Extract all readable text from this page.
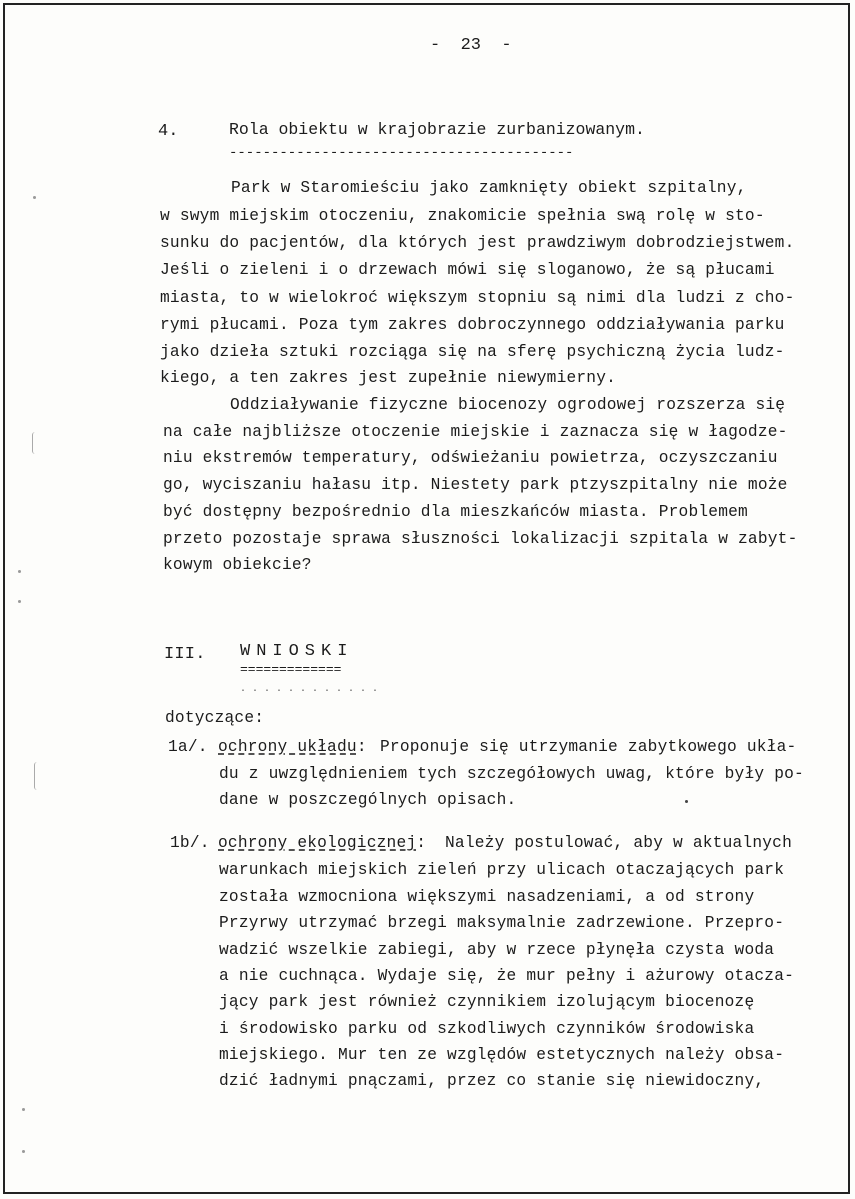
-  23  -
4.	Rola obiektu w krajobrazie zurbanizowanym.
-----------------------------------------
Park w Staromieściu jako zamknięty obiekt szpitalny,
w swym miejskim otoczeniu, znakomicie spełnia swą rolę w sto-
sunku do pacjentów, dla których jest prawdziwym dobrodziejstwem.
Jeśli o zieleni i o drzewach mówi się sloganowo, że są płucami
miasta, to w wielokroć większym stopniu są nimi dla ludzi z cho-
rymi płucami. Poza tym zakres dobroczynnego oddziaływania parku
jako dzieła sztuki rozciąga się na sferę psychiczną życia ludz-
kiego, a ten zakres jest zupełnie niewymierny.
Oddziaływanie fizyczne biocenozy ogrodowej rozszerza się
na całe najbliższe otoczenie miejskie i zaznacza się w łagodze-
niu ekstremów temperatury, odświeżaniu powietrza, oczyszczaniu
go, wyciszaniu hałasu itp. Niestety park ptzyszpitalny nie może
być dostępny bezpośrednio dla mieszkańców miasta. Problemem
przeto pozostaje sprawa słuszności lokalizacji szpitala w zabyt-
kowym obiekcie?
III. WNIOSKI
=============
. . . . . . . . . . . .
dotyczące:
1a/. ochrony układu: Proponuje się utrzymanie zabytkowego ukła-
du z uwzględnieniem tych szczegółowych uwag, które były po-
dane w poszczególnych opisach.
1b/. ochrony ekologicznej: Należy postulować, aby w aktualnych
warunkach miejskich zieleń przy ulicach otaczających park
została wzmocniona większymi nasadzeniami, a od strony
Przyrwy utrzymać brzegi maksymalnie zadrzewione. Przepro-
wadzić wszelkie zabiegi, aby w rzece płynęła czysta woda
a nie cuchnąca. Wydaje się, że mur pełny i ażurowy otacza-
jący park jest również czynnikiem izolującym biocenozę
i środowisko parku od szkodliwych czynników środowiska
miejskiego. Mur ten ze względów estetycznych należy obsa-
dzić ładnymi pnączami, przez co stanie się niewidoczny,
